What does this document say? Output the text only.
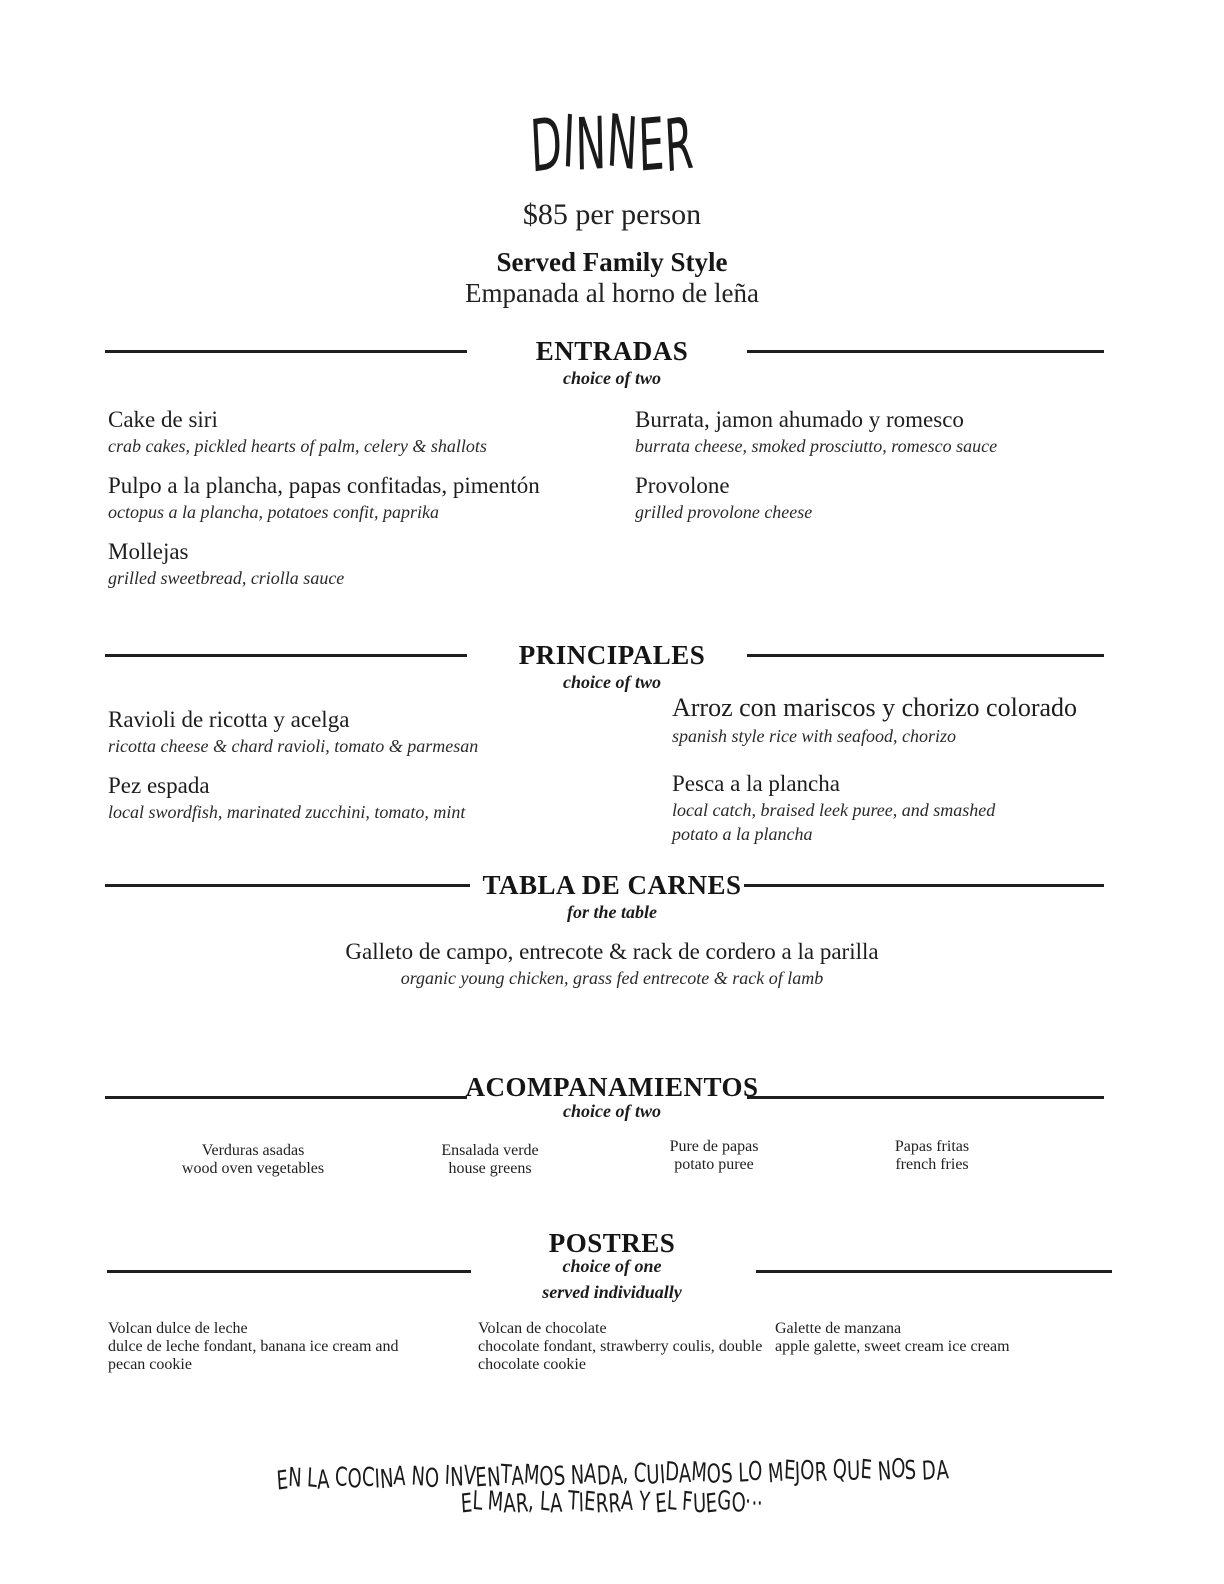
DINNER
$85 per person
Served Family Style
Empanada al horno de leña
ENTRADAS
choice of two
Cake de siri
crab cakes, pickled hearts of palm, celery & shallots
Pulpo a la plancha, papas confitadas, pimentón
octopus a la plancha, potatoes confit, paprika
Mollejas
grilled sweetbread, criolla sauce
Burrata, jamon ahumado y romesco
burrata cheese, smoked prosciutto, romesco sauce
Provolone
grilled provolone cheese
PRINCIPALES
choice of two
Ravioli de ricotta y acelga
ricotta cheese & chard ravioli, tomato & parmesan
Pez espada
local swordfish, marinated zucchini, tomato, mint
Arroz con mariscos y chorizo colorado
spanish style rice with seafood, chorizo
Pesca a la plancha
local catch, braised leek puree, and smashed potato a la plancha
TABLA DE CARNES
for the table
Galleto de campo, entrecote & rack de cordero a la parilla
organic young chicken, grass fed entrecote & rack of lamb
ACOMPANAMIENTOS
choice of two
Verduras asadas
wood oven vegetables
Ensalada verde
house greens
Pure de papas
potato puree
Papas fritas
french fries
POSTRES
choice of one
served individually
Volcan dulce de leche
dulce de leche fondant, banana ice cream and pecan cookie
Volcan de chocolate
chocolate fondant, strawberry coulis, double chocolate cookie
Galette de manzana
apple galette, sweet cream ice cream
EN LA COCINA NO INVENTAMOS NADA, CUIDAMOS LO MEJOR QUE NOS DA
EL MAR, LA TIERRA Y EL FUEGO···
